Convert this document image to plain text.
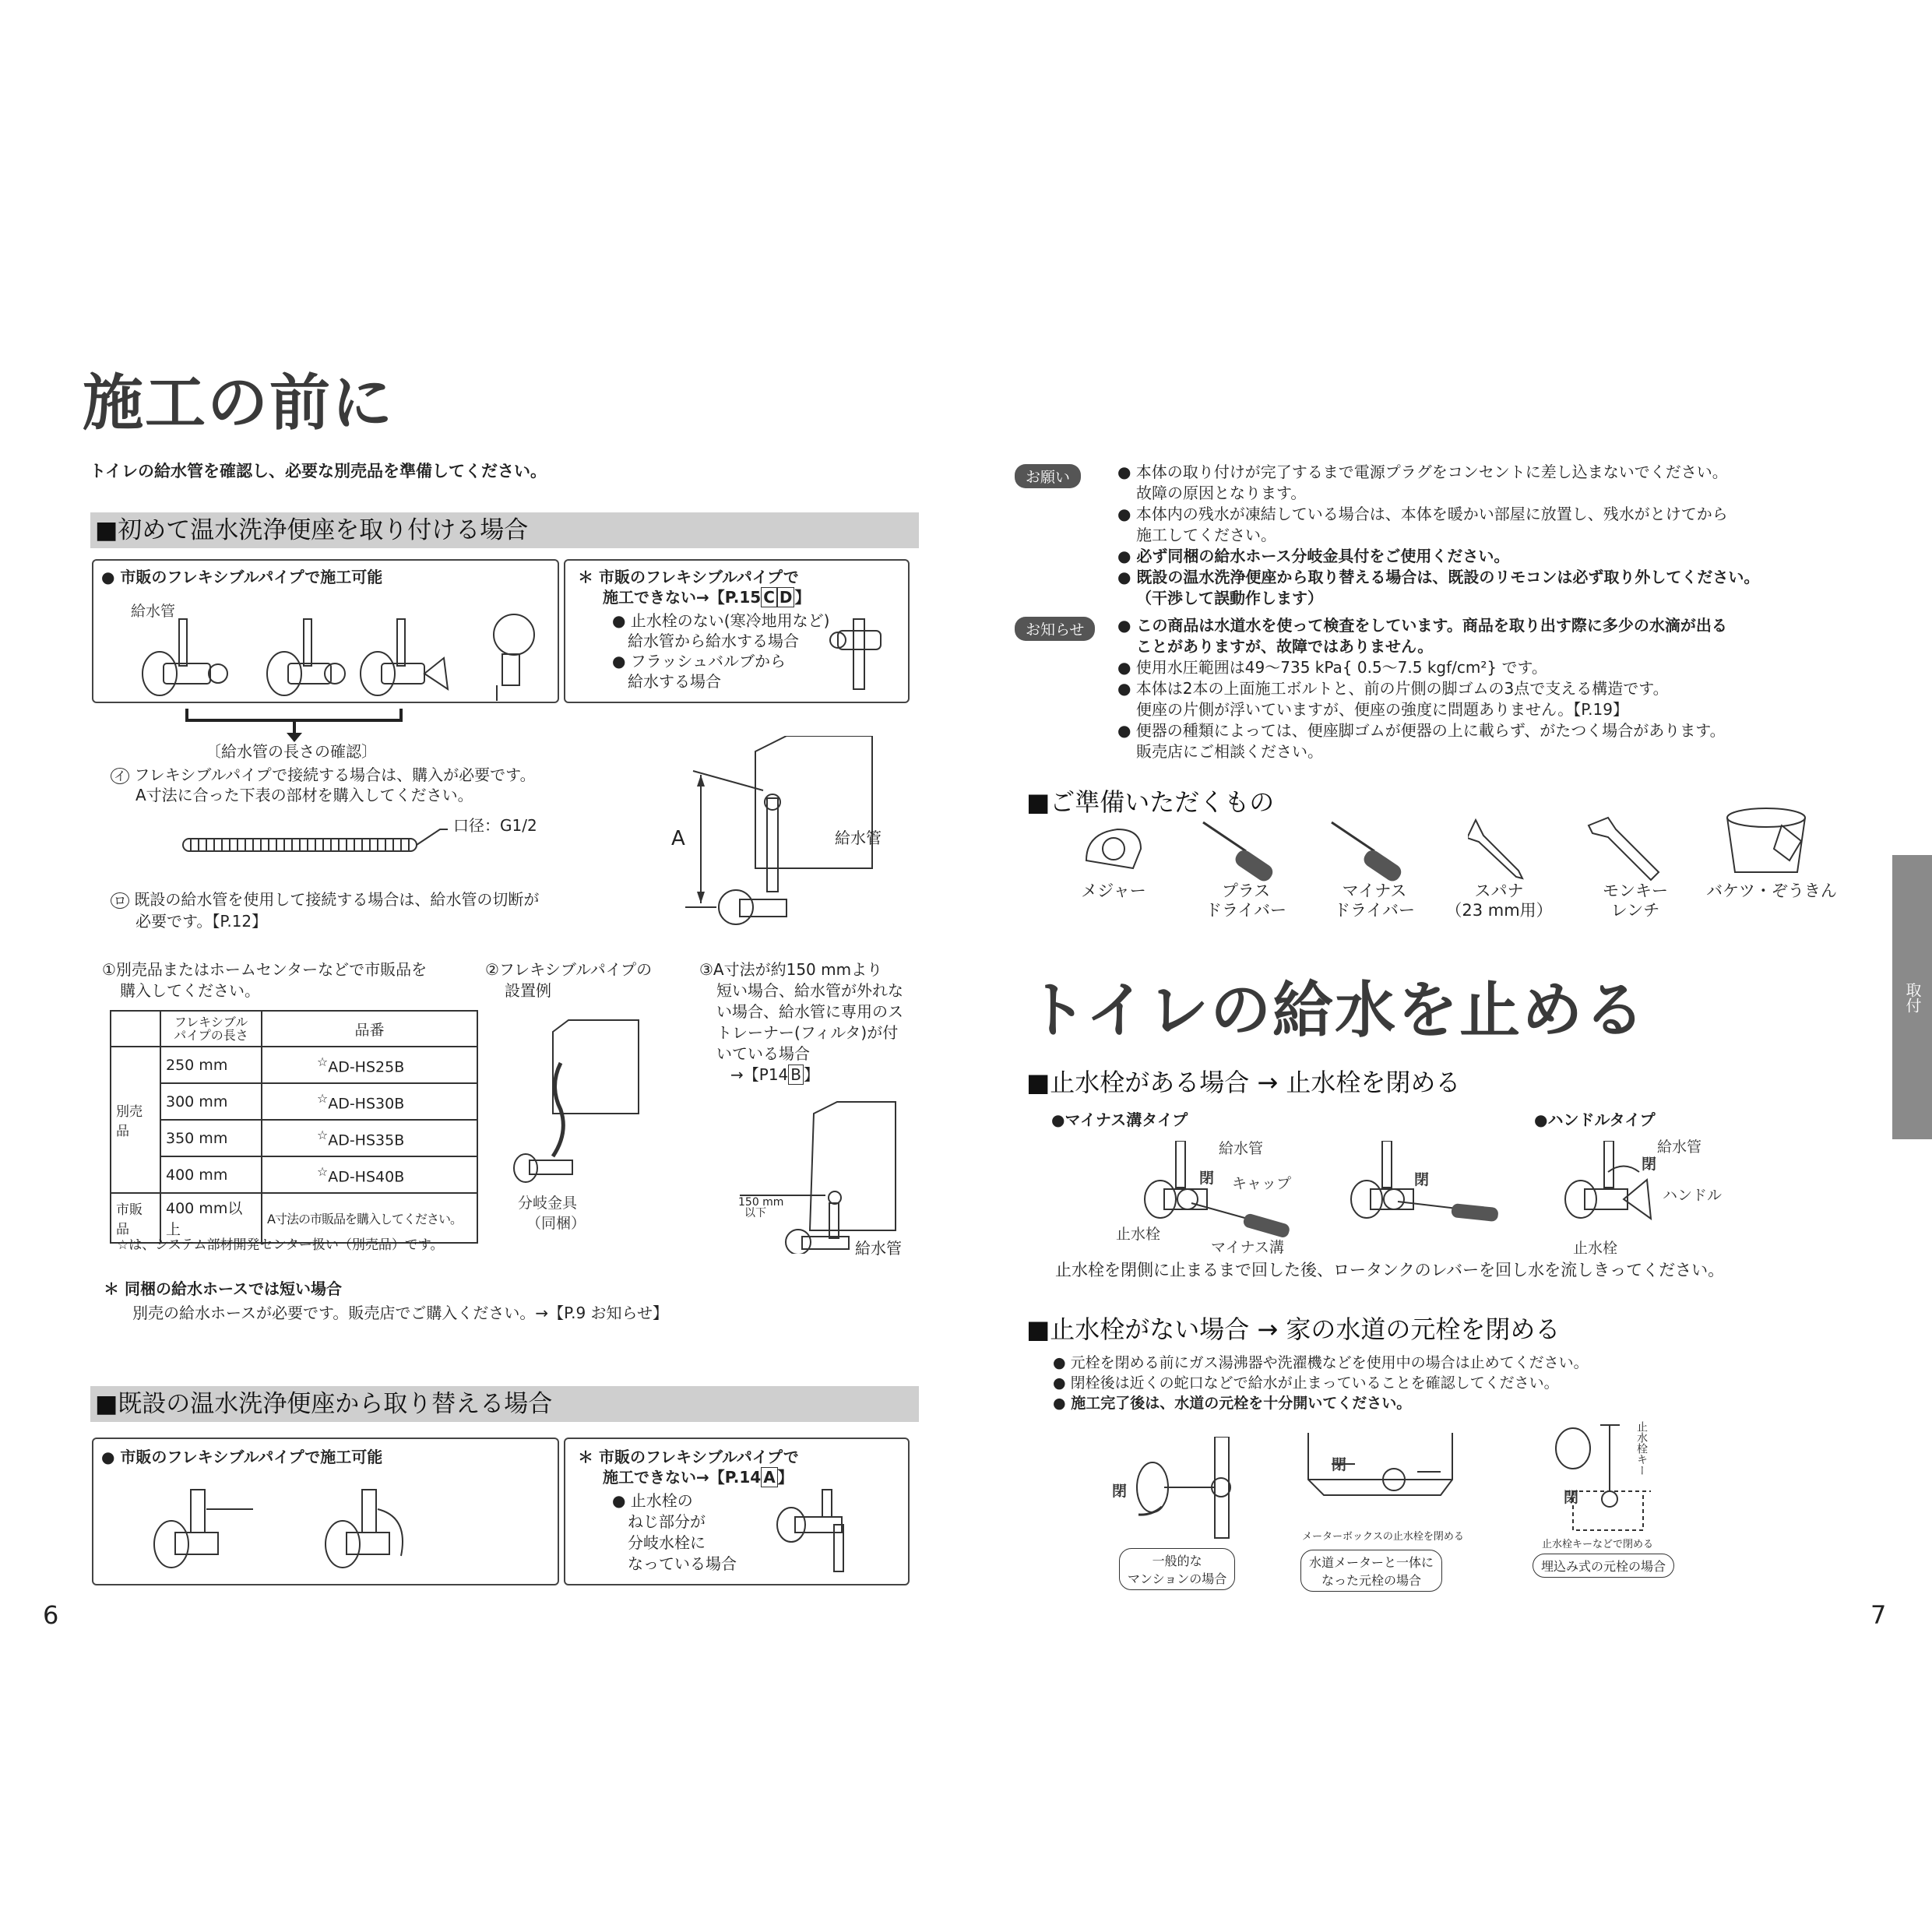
施工の前に
トイレの給水管を確認し、必要な別売品を準備してください。
■初めて温水洗浄便座を取り付ける場合
● 市販のフレキシブルパイプで施工可能
給水管
＊ 市販のフレキシブルパイプで
施工できない→【P.15 C D 】
● 止水栓のない(寒冷地用など)
給水管から給水する場合
● フラッシュバルブから
給水する場合
〔給水管の長さの確認〕
イ フレキシブルパイプで接続する場合は、購入が必要です。
A寸法に合った下表の部材を購入してください。
口径：G1/2
ロ 既設の給水管を使用して接続する場合は、給水管の切断が
必要です。【P.12】
A	給水管
①別売品またはホームセンターなどで市販品を
購入してください。
②フレキシブルパイプの
設置例
③A寸法が約150 mmより
短い場合、給水管が外れな
い場合、給水管に専用のス
トレーナー(フィルタ)が付
いている場合
→【P14 B 】

	フレキシブル
パイプの長さ	品番
別売品	250 mm	☆AD-HS25B
	300 mm	☆AD-HS30B
	350 mm	☆AD-HS35B
	400 mm	☆AD-HS40B
市販品	400 mm以上	A寸法の市販品を購入してください。
☆は、システム部材開発センター扱い（別売品）です。
分岐金具
（同梱）
150 mm
以下
給水管
＊ 同梱の給水ホースでは短い場合
別売の給水ホースが必要です。販売店でご購入ください。→【P.9 お知らせ】
■既設の温水洗浄便座から取り替える場合
● 市販のフレキシブルパイプで施工可能	＊ 市販のフレキシブルパイプで
施工できない→【P.14 A 】
● 止水栓の
ねじ部分が
分岐水栓に
なっている場合
6
お願い	● 本体の取り付けが完了するまで電源プラグをコンセントに差し込まないでください。
故障の原因となります。
● 本体内の残水が凍結している場合は、本体を暖かい部屋に放置し、残水がとけてから
施工してください。
● 必ず同梱の給水ホース分岐金具付をご使用ください。
● 既設の温水洗浄便座から取り替える場合は、既設のリモコンは必ず取り外してください。
（干渉して誤動作します）
お知らせ	● この商品は水道水を使って検査をしています。商品を取り出す際に多少の水滴が出る
ことがありますが、故障ではありません。
● 使用水圧範囲は49～735 kPa{ 0.5～7.5 kgf/cm²} です。
● 本体は2本の上面施工ボルトと、前の片側の脚ゴムの3点で支える構造です。
便座の片側が浮いていますが、便座の強度に問題ありません。【P.19】
● 便器の種類によっては、便座脚ゴムが便器の上に載らず、がたつく場合があります。
販売店にご相談ください。
■ご準備いただくもの
メジャー	プラス
ドライバー
マイナス
ドライバー
スパナ
（23 mm用）
モンキー
レンチ
バケツ・ぞうきん
トイレの給水を止める
■止水栓がある場合 → 止水栓を閉める
●マイナス溝タイプ	●ハンドルタイプ
給水管
閉 キャップ
止水栓
マイナス溝
閉
給水管
閉
ハンドル
止水栓
止水栓を閉側に止まるまで回した後、ロータンクのレバーを回し水を流しきってください。
■止水栓がない場合 → 家の水道の元栓を閉める
● 元栓を閉める前にガス湯沸器や洗濯機などを使用中の場合は止めてください。
● 閉栓後は近くの蛇口などで給水が止まっていることを確認してください。
● 施工完了後は、水道の元栓を十分開いてください。
閉
一般的な
マンションの場合
閉
メーターボックスの止水栓を閉める
水道メーターと一体に
なった元栓の場合
閉
止水栓キー
止水栓キーなどで閉める
埋込み式の元栓の場合
取付
7
